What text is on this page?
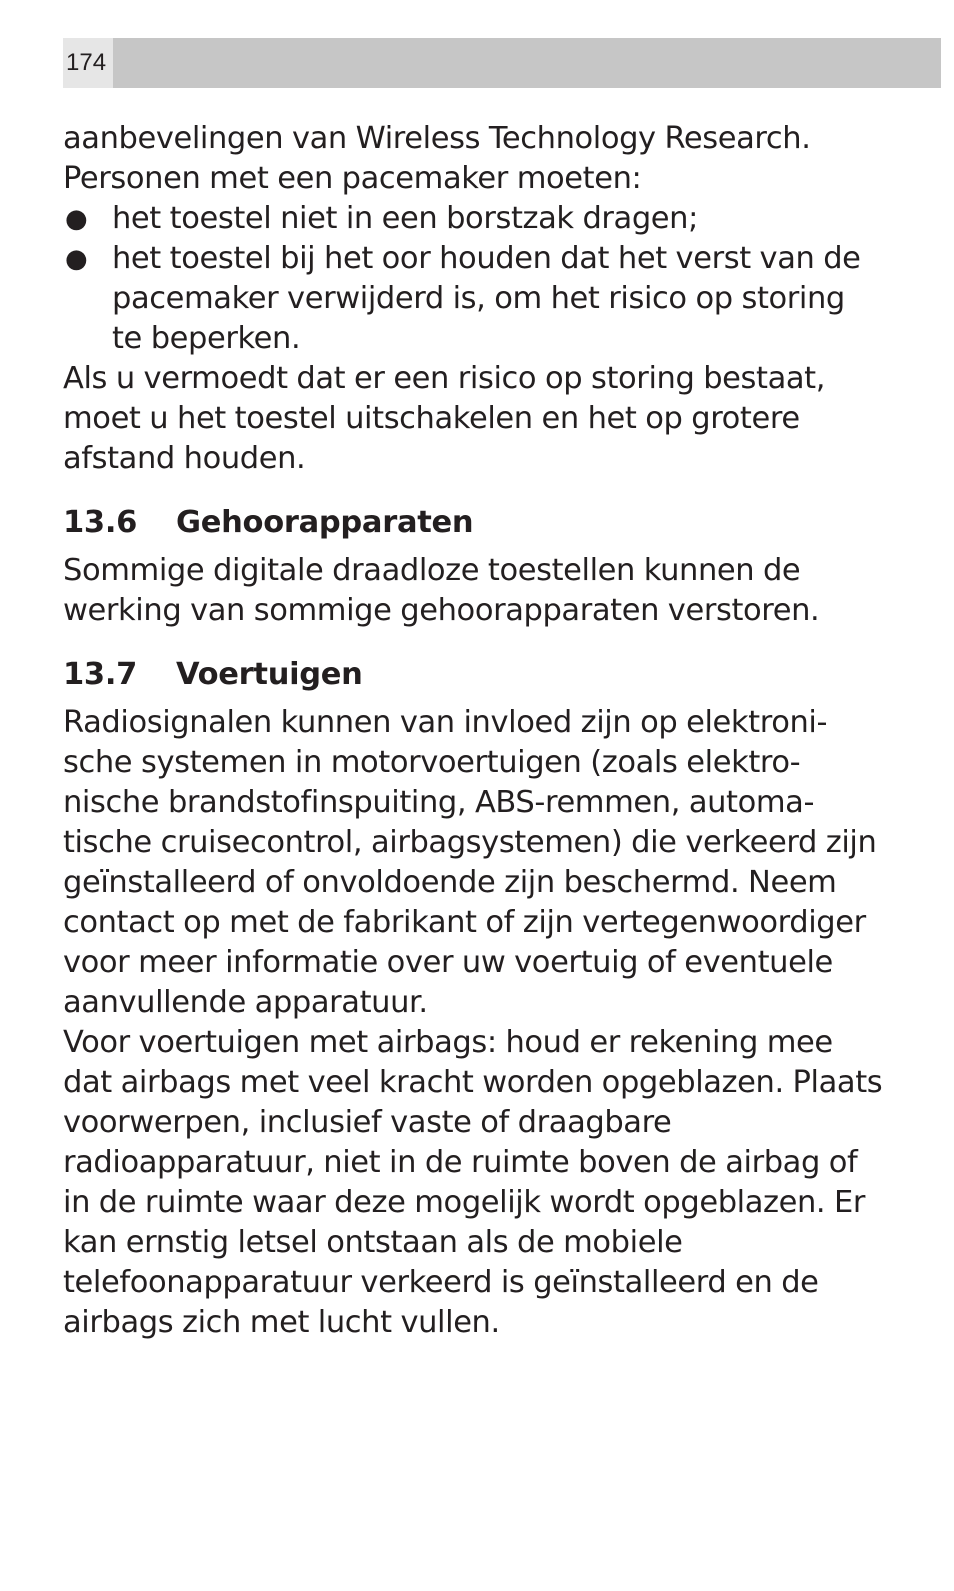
174

aanbevelingen van Wireless Technology Research.

Personen met een pacemaker moeten:

● het toestel niet in een borstzak dragen;
● het toestel bij het oor houden dat het verst van de pacemaker verwijderd is, om het risico op storing te beperken.

Als u vermoedt dat er een risico op storing bestaat, moet u het toestel uitschakelen en het op grotere afstand houden.

13.6	Gehoorapparaten

Sommige digitale draadloze toestellen kunnen de werking van sommige gehoorapparaten verstoren.

13.7	Voertuigen

Radiosignalen kunnen van invloed zijn op elektronische systemen in motorvoertuigen (zoals elektronische brandstofinspuiting, ABS-remmen, automatische cruisecontrol, airbagsystemen) die verkeerd zijn geïnstalleerd of onvoldoende zijn beschermd. Neem contact op met de fabrikant of zijn vertegenwoordiger voor meer informatie over uw voertuig of eventuele aanvullende apparatuur.

Voor voertuigen met airbags: houd er rekening mee dat airbags met veel kracht worden opgeblazen. Plaats voorwerpen, inclusief vaste of draagbare radioapparatuur, niet in de ruimte boven de airbag of in de ruimte waar deze mogelijk wordt opgeblazen. Er kan ernstig letsel ontstaan als de mobiele telefoonapparatuur verkeerd is geïnstalleerd en de airbags zich met lucht vullen.
